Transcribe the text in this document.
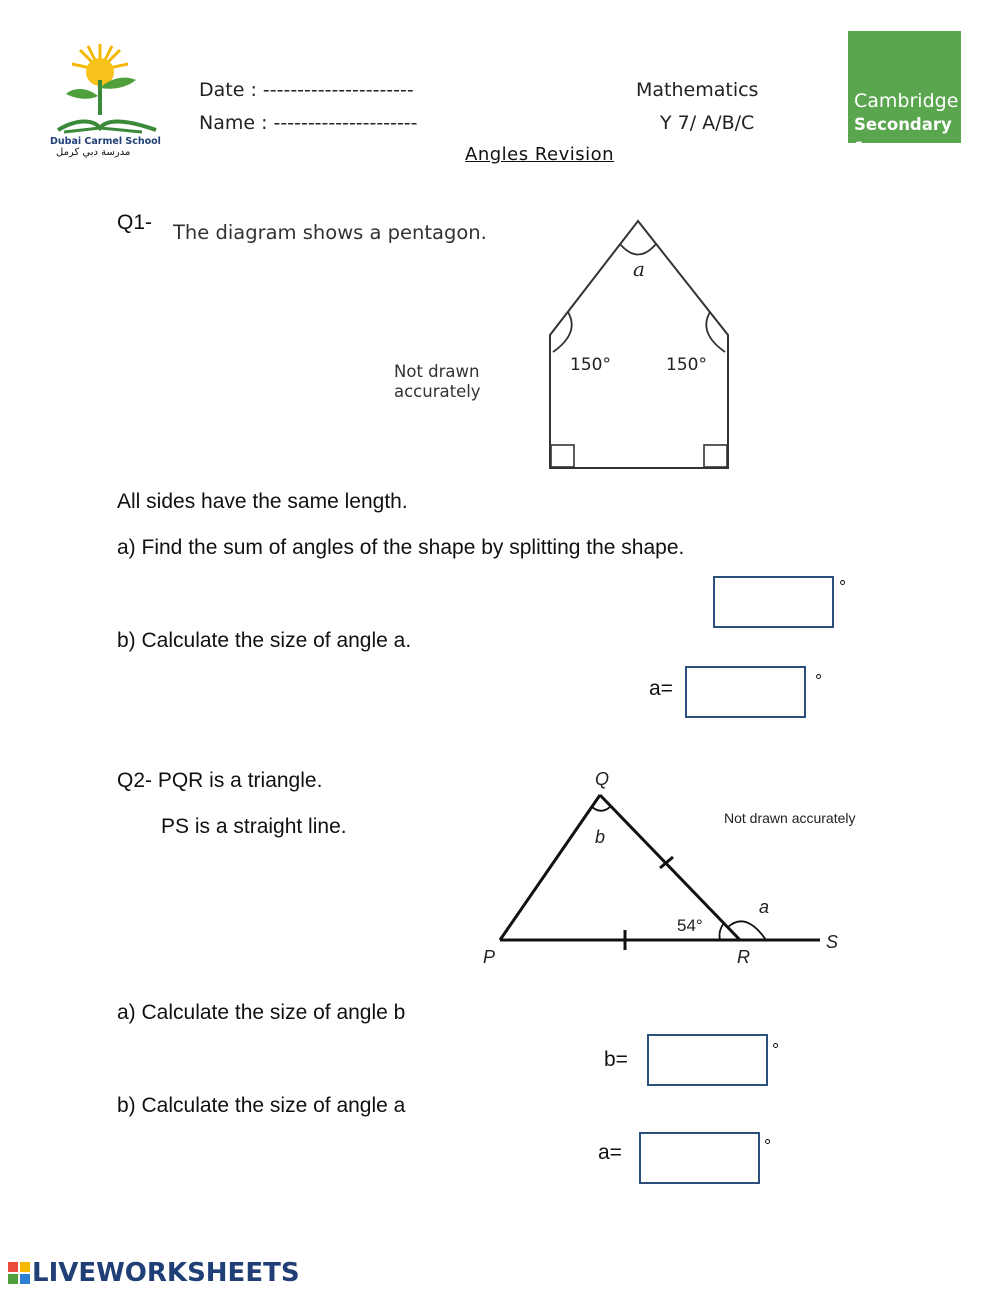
Dubai Carmel School
مدرسة دبي كرمل
Date : ----------------------
Name : ---------------------
Mathematics
Y 7/ A/B/C
Angles Revision
Cambridge
Secondary 1
Q1- The diagram shows a pentagon.
Not drawn
accurately
a
150°	150°
All sides have the same length.
a) Find the sum of angles of the shape by splitting the shape.
°
b) Calculate the size of angle a.
a=	°
Q2- PQR is a triangle.
PS is a straight line.
Q
P	R
S
b
a
54°
Not drawn accurately
a) Calculate the size of angle b
b=	°
b) Calculate the size of angle a
a=	°
LIVEWORKSHEETS
